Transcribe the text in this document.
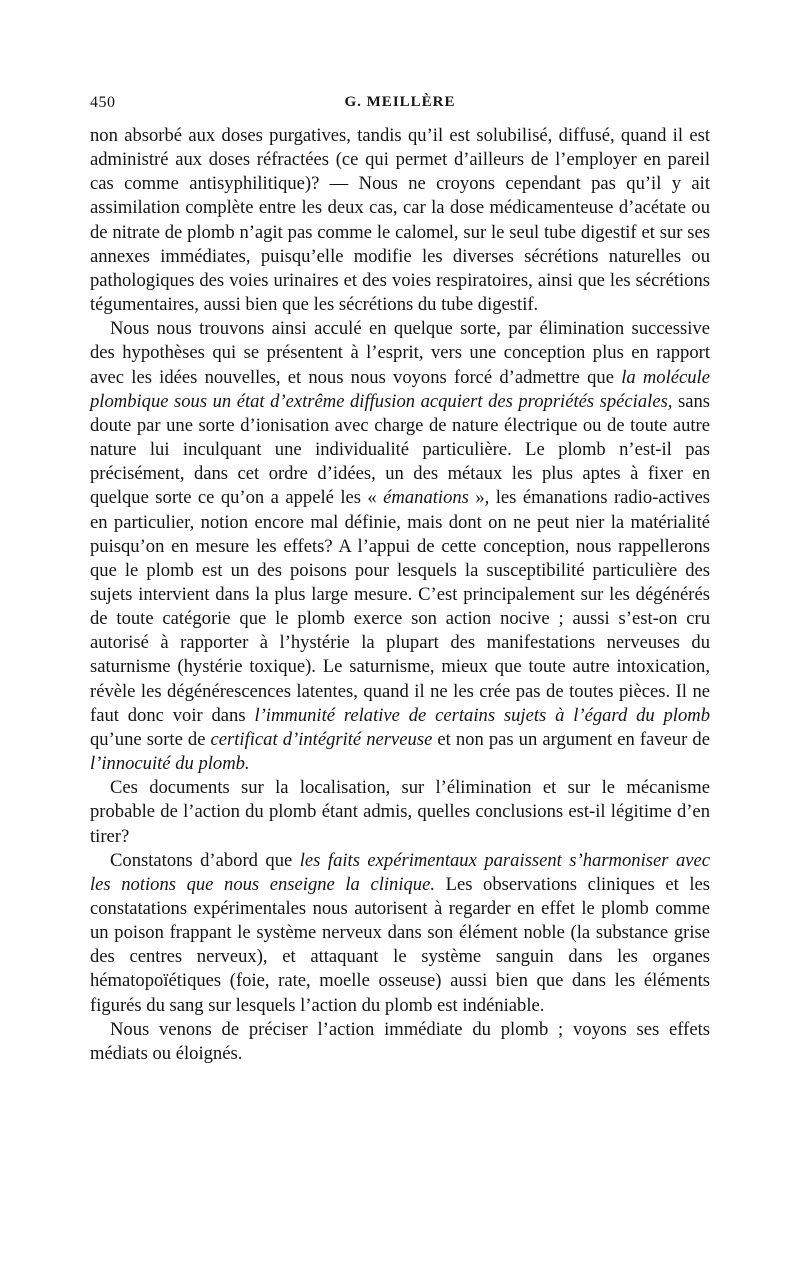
450	G. MEILLÈRE

non absorbé aux doses purgatives, tandis qu’il est solubilisé, diffusé, quand il est administré aux doses réfractées (ce qui permet d’ailleurs de l’employer en pareil cas comme antisyphilitique)? — Nous ne croyons cependant pas qu’il y ait assimilation complète entre les deux cas, car la dose médicamenteuse d’acétate ou de nitrate de plomb n’agit pas comme le calomel, sur le seul tube digestif et sur ses annexes immédiates, puisqu’elle modifie les diverses sécrétions naturelles ou pathologiques des voies urinaires et des voies respiratoires, ainsi que les sécrétions tégumentaires, aussi bien que les sécrétions du tube digestif.

Nous nous trouvons ainsi acculé en quelque sorte, par élimination successive des hypothèses qui se présentent à l’esprit, vers une conception plus en rapport avec les idées nouvelles, et nous nous voyons forcé d’admettre que la molécule plombique sous un état d’extrême diffusion acquiert des propriétés spéciales, sans doute par une sorte d’ionisation avec charge de nature électrique ou de toute autre nature lui inculquant une individualité particulière. Le plomb n’est-il pas précisément, dans cet ordre d’idées, un des métaux les plus aptes à fixer en quelque sorte ce qu’on a appelé les « émanations », les émanations radio-actives en particulier, notion encore mal définie, mais dont on ne peut nier la matérialité puisqu’on en mesure les effets? A l’appui de cette conception, nous rappellerons que le plomb est un des poisons pour lesquels la susceptibilité particulière des sujets intervient dans la plus large mesure. C’est principalement sur les dégénérés de toute catégorie que le plomb exerce son action nocive ; aussi s’est-on cru autorisé à rapporter à l’hystérie la plupart des manifestations nerveuses du saturnisme (hystérie toxique). Le saturnisme, mieux que toute autre intoxication, révèle les dégénérescences latentes, quand il ne les crée pas de toutes pièces. Il ne faut donc voir dans l’immunité relative de certains sujets à l’égard du plomb qu’une sorte de certificat d’intégrité nerveuse et non pas un argument en faveur de l’innocuité du plomb.

Ces documents sur la localisation, sur l’élimination et sur le mécanisme probable de l’action du plomb étant admis, quelles conclusions est-il légitime d’en tirer?

Constatons d’abord que les faits expérimentaux paraissent s’harmoniser avec les notions que nous enseigne la clinique. Les observations cliniques et les constatations expérimentales nous autorisent à regarder en effet le plomb comme un poison frappant le système nerveux dans son élément noble (la substance grise des centres nerveux), et attaquant le système sanguin dans les organes hématopoïétiques (foie, rate, moelle osseuse) aussi bien que dans les éléments figurés du sang sur lesquels l’action du plomb est indéniable.

Nous venons de préciser l’action immédiate du plomb ; voyons ses effets médiats ou éloignés.
